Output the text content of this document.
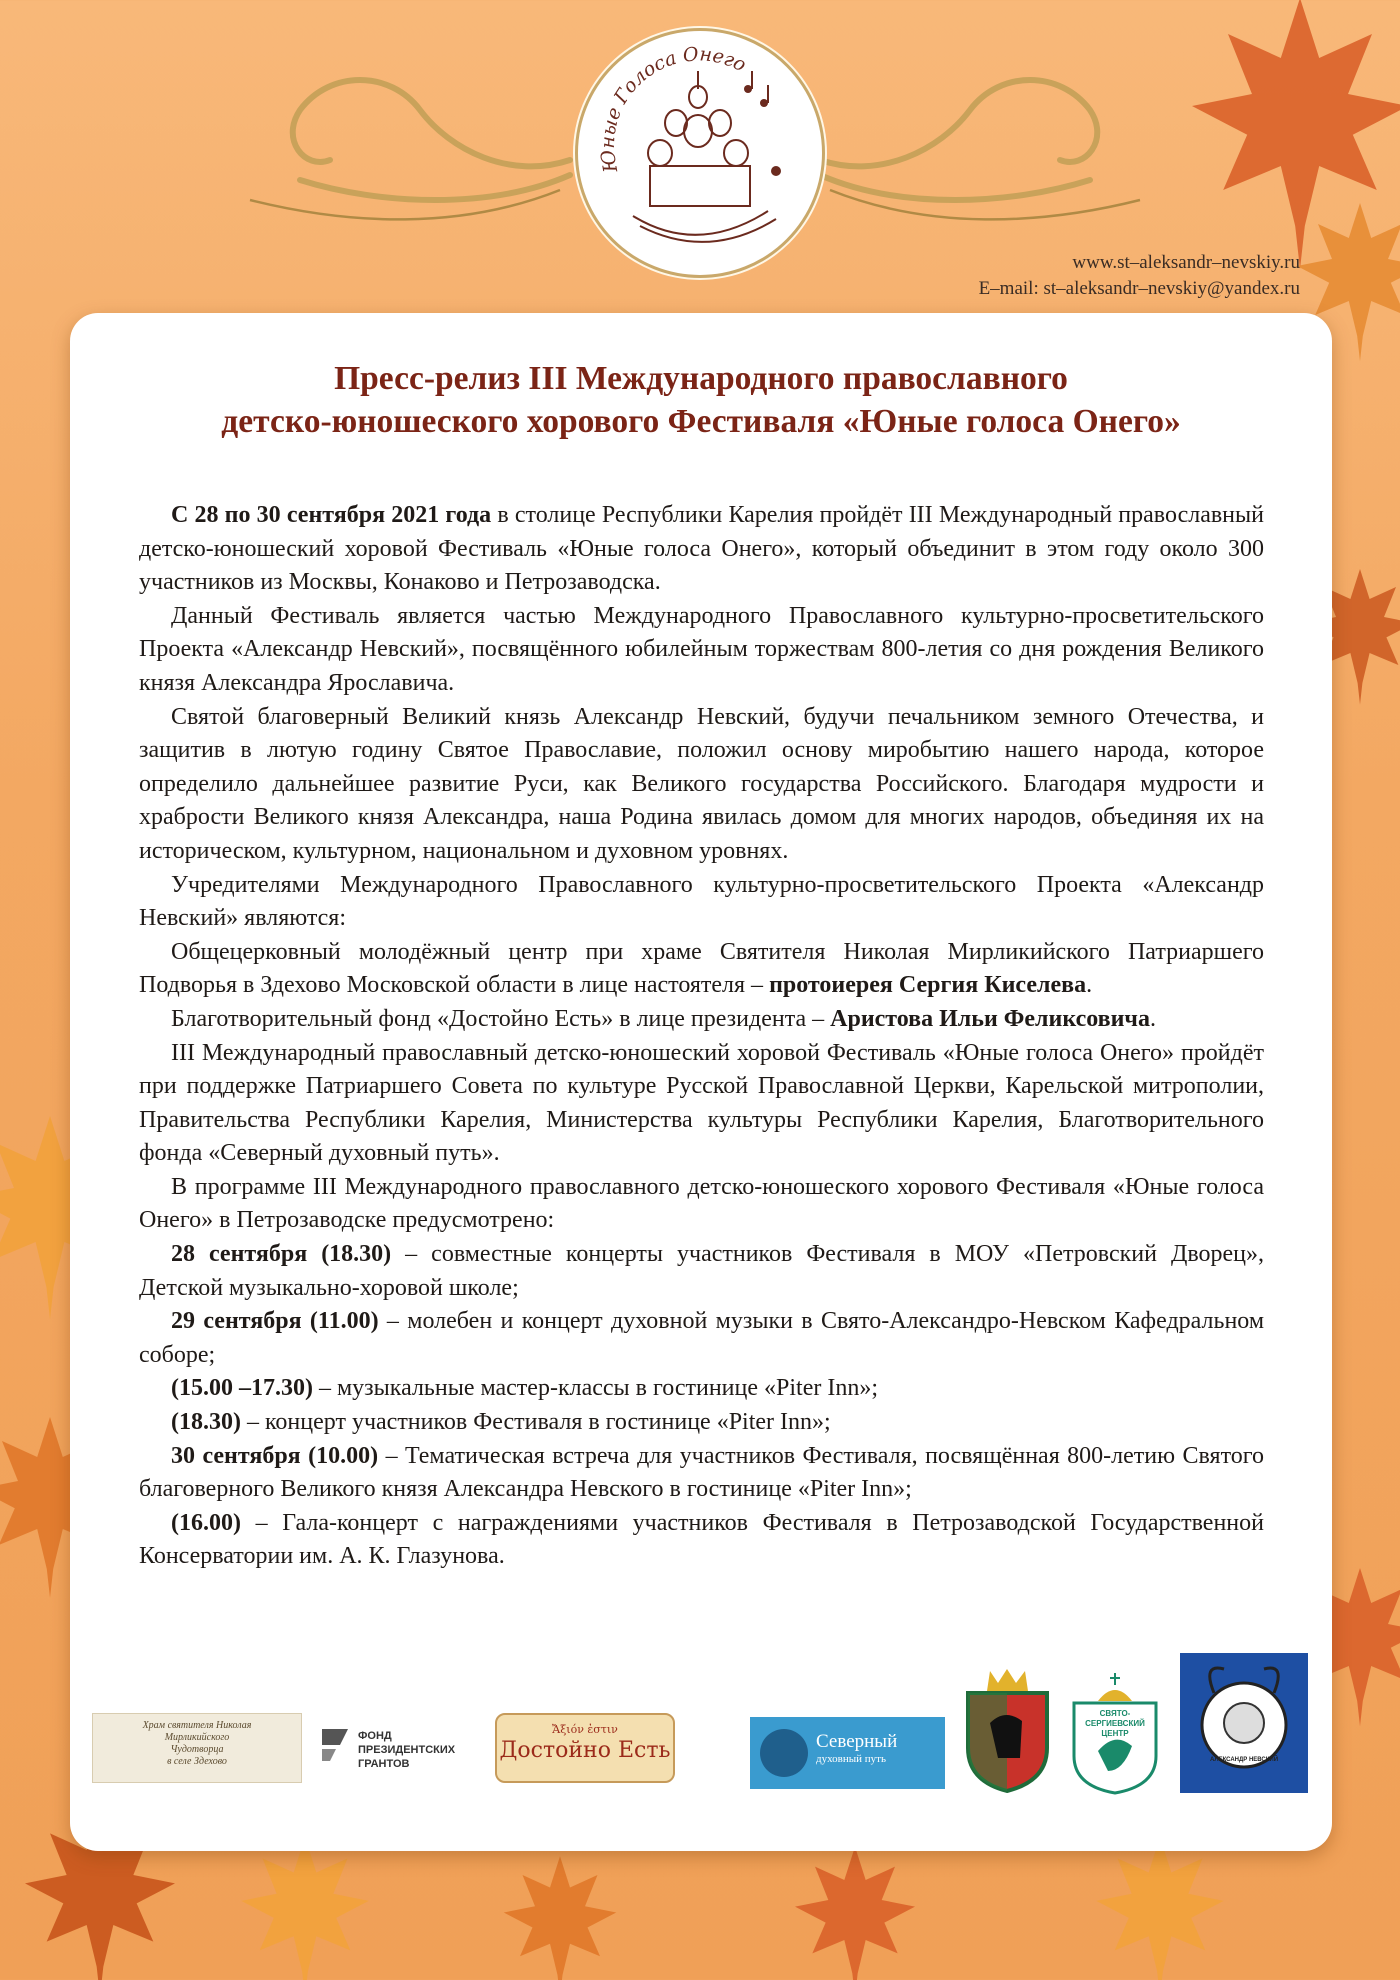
Юные Голоса Онего
www.st–aleksandr–nevskiy.ru
E–mail: st–aleksandr–nevskiy@yandex.ru
Пресс-релиз III Международного православного
детско-юношеского хорового Фестиваля «Юные голоса Онего»

С 28 по 30 сентября 2021 года в столице Республики Карелия пройдёт III Международный православный детско-юношеский хоровой Фестиваль «Юные голоса Онего», который объединит в этом году около 300 участников из Москвы, Конаково и Петрозаводска.

Данный Фестиваль является частью Международного Православного культурно-просветительского Проекта «Александр Невский», посвящённого юбилейным торжествам 800-летия со дня рождения Великого князя Александра Ярославича.

Святой благоверный Великий князь Александр Невский, будучи печальником земного Отечества, и защитив в лютую годину Святое Православие, положил основу миробытию нашего народа, которое определило дальнейшее развитие Руси, как Великого государства Российского. Благодаря мудрости и храбрости Великого князя Александра, наша Родина явилась домом для многих народов, объединяя их на историческом, культурном, национальном и духовном уровнях.

Учредителями Международного Православного культурно-просветительского Проекта «Александр Невский» являются:

Общецерковный молодёжный центр при храме Святителя Николая Мирликийского Патриаршего Подворья в Здехово Московской области в лице настоятеля – протоиерея Сергия Киселева.

Благотворительный фонд «Достойно Есть» в лице президента – Аристова Ильи Феликсовича.

III Международный православный детско-юношеский хоровой Фестиваль «Юные голоса Онего» пройдёт при поддержке Патриаршего Совета по культуре Русской Православной Церкви, Карельской митрополии, Правительства Республики Карелия, Министерства культуры Республики Карелия, Благотворительного фонда «Северный духовный путь».

В программе III Международного православного детско-юношеского хорового Фестиваля «Юные голоса Онего» в Петрозаводске предусмотрено:

28 сентября (18.30) – совместные концерты участников Фестиваля в МОУ «Петровский Дворец», Детской музыкально-хоровой школе;

29 сентября (11.00) – молебен и концерт духовной музыки в Свято-Александро-Невском Кафедральном соборе;

(15.00 –17.30) – музыкальные мастер-классы в гостинице «Piter Inn»;

(18.30) – концерт участников Фестиваля в гостинице «Piter Inn»;

30 сентября (10.00) – Тематическая встреча для участников Фестиваля, посвящённая 800-летию Святого благоверного Великого князя Александра Невского в гостинице «Piter Inn»;

(16.00) – Гала-концерт с награждениями участников Фестиваля в Петрозаводской Государственной Консерватории им. А. К. Глазунова.

Храм святителя Николая
Мирликийского
Чудотворца
в селе Здехово
ФОНД
ПРЕЗИДЕНТСКИХ
ГРАНТОВ
Ἄξιόν ἐστιν
Достойно Есть	Северный
духовный путь
СВЯТО-
СЕРГИЕВСКИЙ
ЦЕНТР
АЛЕКСАНДР НЕВСКИЙ
